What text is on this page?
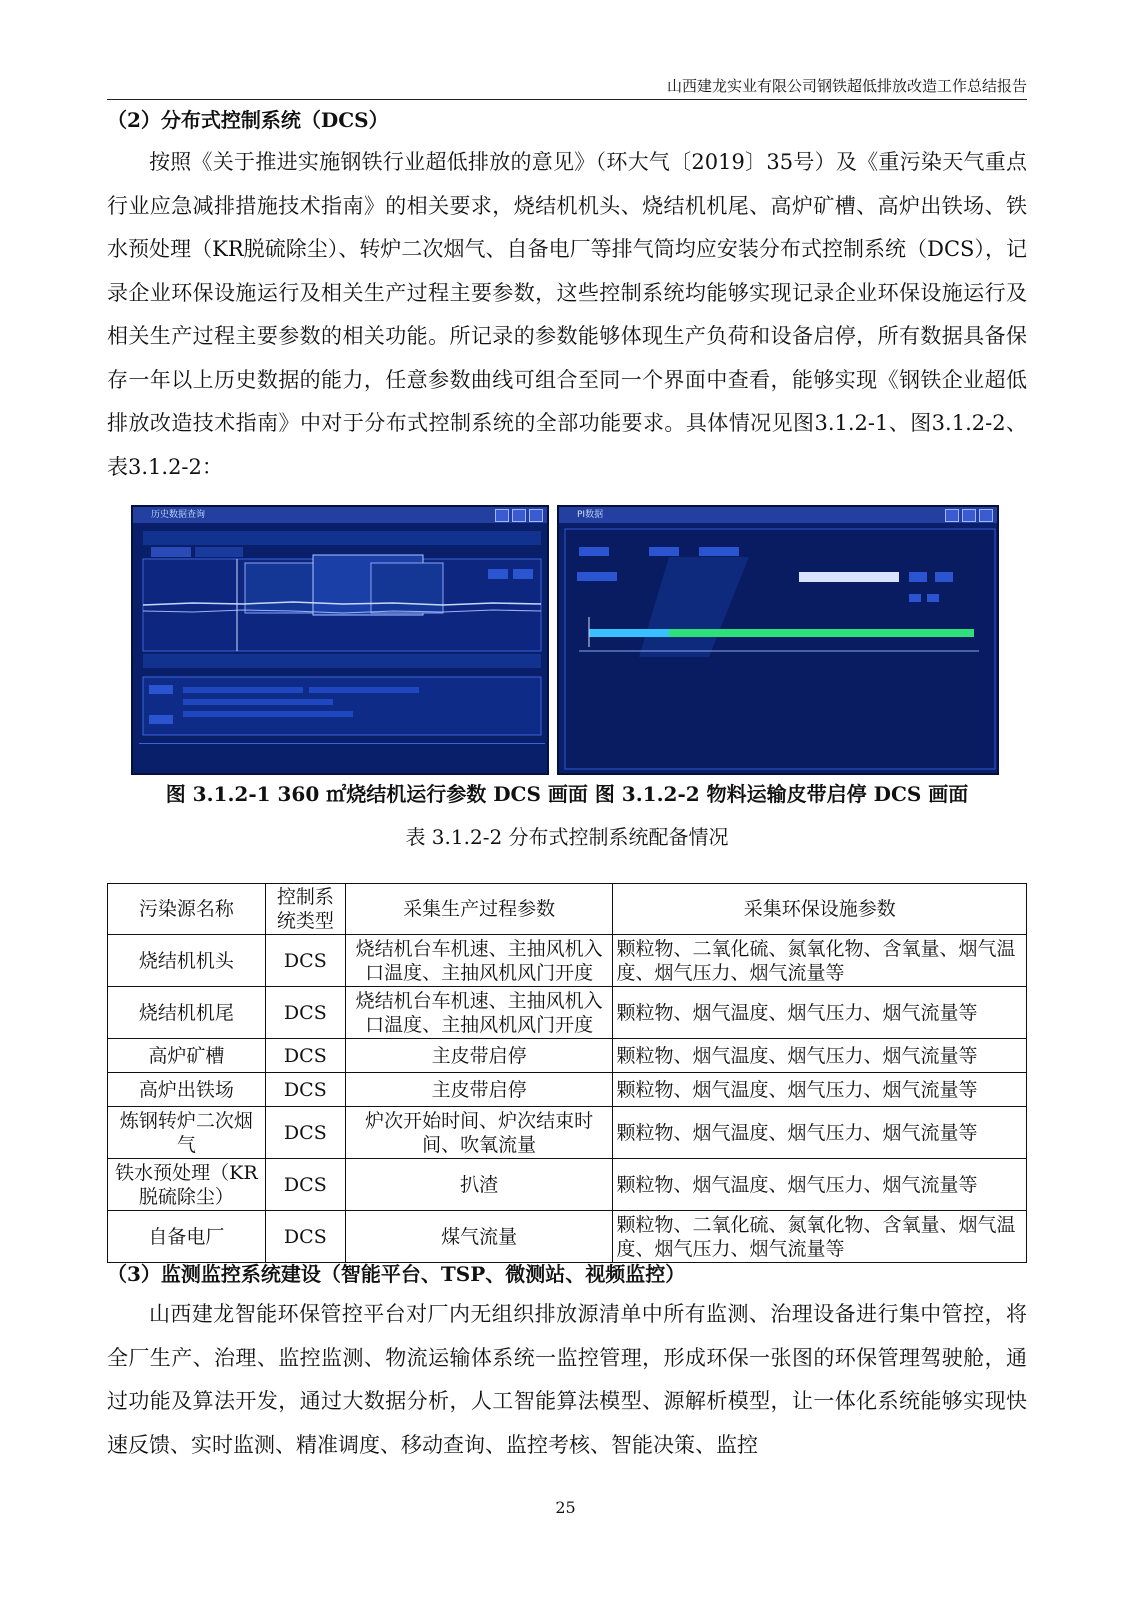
山西建龙实业有限公司钢铁超低排放改造工作总结报告
（2）分布式控制系统（DCS）

按照《关于推进实施钢铁行业超低排放的意见》（环大气〔2019〕35号）及《重污染天气重点行业应急减排措施技术指南》的相关要求，烧结机机头、烧结机机尾、高炉矿槽、高炉出铁场、铁水预处理（KR脱硫除尘）、转炉二次烟气、自备电厂等排气筒均应安装分布式控制系统（DCS），记录企业环保设施运行及相关生产过程主要参数，这些控制系统均能够实现记录企业环保设施运行及相关生产过程主要参数的相关功能。所记录的参数能够体现生产负荷和设备启停，所有数据具备保存一年以上历史数据的能力，任意参数曲线可组合至同一个界面中查看，能够实现《钢铁企业超低排放改造技术指南》中对于分布式控制系统的全部功能要求。具体情况见图3.1.2-1、图3.1.2-2、表3.1.2-2：

历史数据查询	PI数据
图 3.1.2-1 360 ㎡烧结机运行参数 DCS 画面 图 3.1.2-2 物料运输皮带启停 DCS 画面
表 3.1.2-2 分布式控制系统配备情况
污染源名称	控制系统类型	采集生产过程参数	采集环保设施参数
烧结机机头	DCS	烧结机台车机速、主抽风机入口温度、主抽风机风门开度	颗粒物、二氧化硫、氮氧化物、含氧量、烟气温度、烟气压力、烟气流量等
烧结机机尾	DCS	烧结机台车机速、主抽风机入口温度、主抽风机风门开度	颗粒物、烟气温度、烟气压力、烟气流量等
高炉矿槽	DCS	主皮带启停	颗粒物、烟气温度、烟气压力、烟气流量等
高炉出铁场	DCS	主皮带启停	颗粒物、烟气温度、烟气压力、烟气流量等
炼钢转炉二次烟气	DCS	炉次开始时间、炉次结束时间、吹氧流量	颗粒物、烟气温度、烟气压力、烟气流量等
铁水预处理（KR脱硫除尘）	DCS	扒渣	颗粒物、烟气温度、烟气压力、烟气流量等
自备电厂	DCS	煤气流量	颗粒物、二氧化硫、氮氧化物、含氧量、烟气温度、烟气压力、烟气流量等
（3）监测监控系统建设（智能平台、TSP、微测站、视频监控）

山西建龙智能环保管控平台对厂内无组织排放源清单中所有监测、治理设备进行集中管控，将全厂生产、治理、监控监测、物流运输体系统一监控管理，形成环保一张图的环保管理驾驶舱，通过功能及算法开发，通过大数据分析，人工智能算法模型、源解析模型，让一体化系统能够实现快速反馈、实时监测、精准调度、移动查询、监控考核、智能决策、监控

25
